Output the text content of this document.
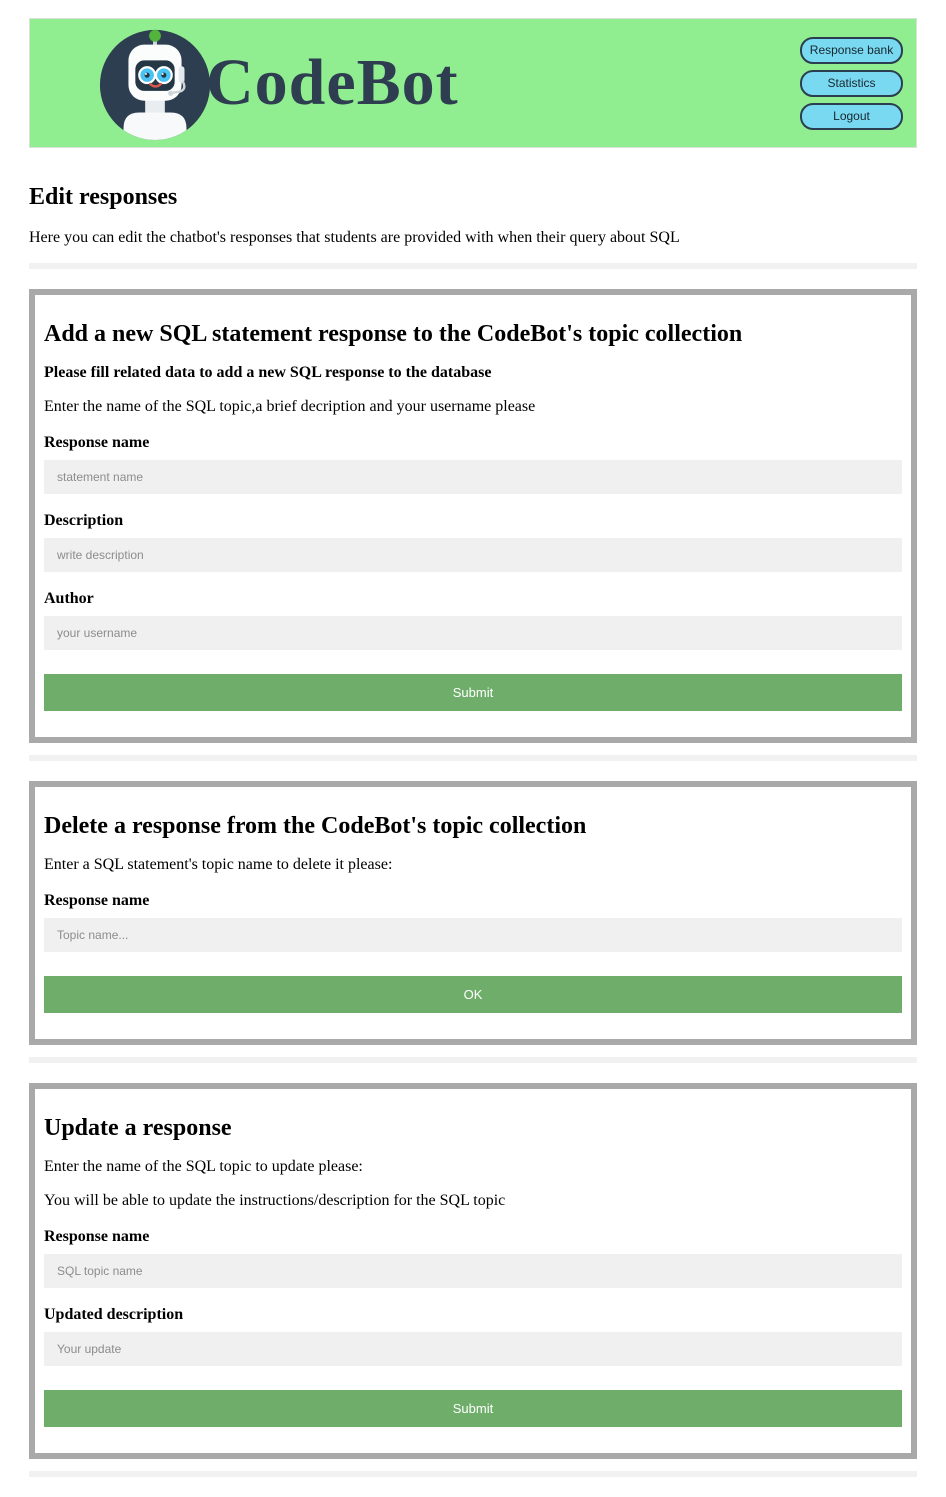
CodeBot	Response bank
Statistics
Logout
Edit responses

Here you can edit the chatbot's responses that students are provided with when their query about SQL

Add a new SQL statement response to the CodeBot's topic collection

Please fill related data to add a new SQL response to the database

Enter the name of the SQL topic,a brief decription and your username please

Response name
statement name
Description
write description
Author
your username
Submit
Delete a response from the CodeBot's topic collection

Enter a SQL statement's topic name to delete it please:

Response name
Topic name...
OK
Update a response

Enter the name of the SQL topic to update please:

You will be able to update the instructions/description for the SQL topic

Response name
SQL topic name
Updated description
Your update
Submit
